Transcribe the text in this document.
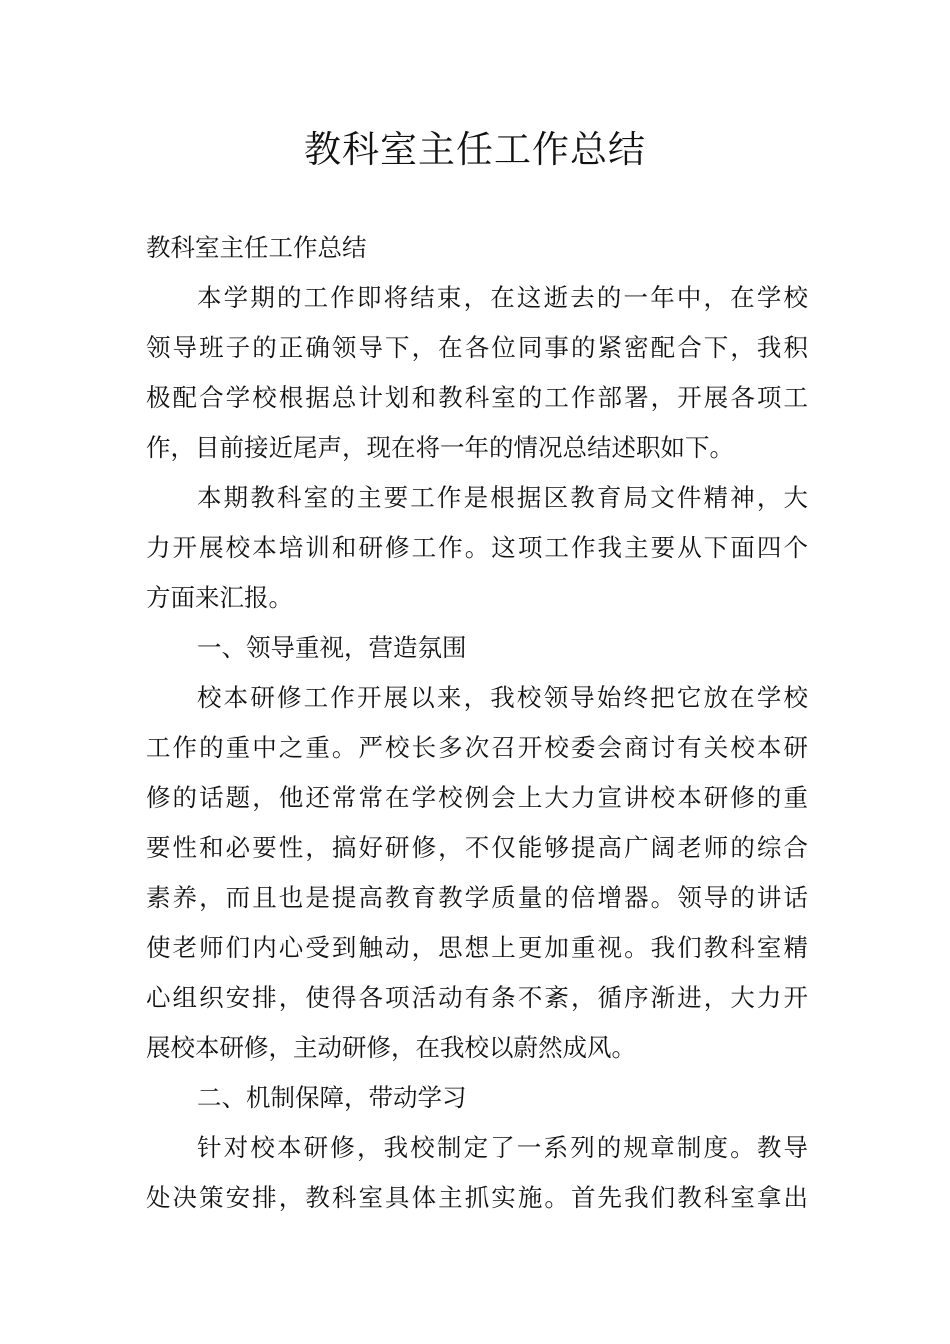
教科室主任工作总结
教科室主任工作总结
本学期的工作即将结束，在这逝去的一年中，在学校
领导班子的正确领导下，在各位同事的紧密配合下，我积
极配合学校根据总计划和教科室的工作部署，开展各项工
作，目前接近尾声，现在将一年的情况总结述职如下。
本期教科室的主要工作是根据区教育局文件精神，大
力开展校本培训和研修工作。这项工作我主要从下面四个
方面来汇报。
一、领导重视，营造氛围
校本研修工作开展以来，我校领导始终把它放在学校
工作的重中之重。严校长多次召开校委会商讨有关校本研
修的话题，他还常常在学校例会上大力宣讲校本研修的重
要性和必要性，搞好研修，不仅能够提高广阔老师的综合
素养，而且也是提高教育教学质量的倍增器。领导的讲话
使老师们内心受到触动，思想上更加重视。我们教科室精
心组织安排，使得各项活动有条不紊，循序渐进，大力开
展校本研修，主动研修，在我校以蔚然成风。
二、机制保障，带动学习
针对校本研修，我校制定了一系列的规章制度。教导
处决策安排，教科室具体主抓实施。首先我们教科室拿出
